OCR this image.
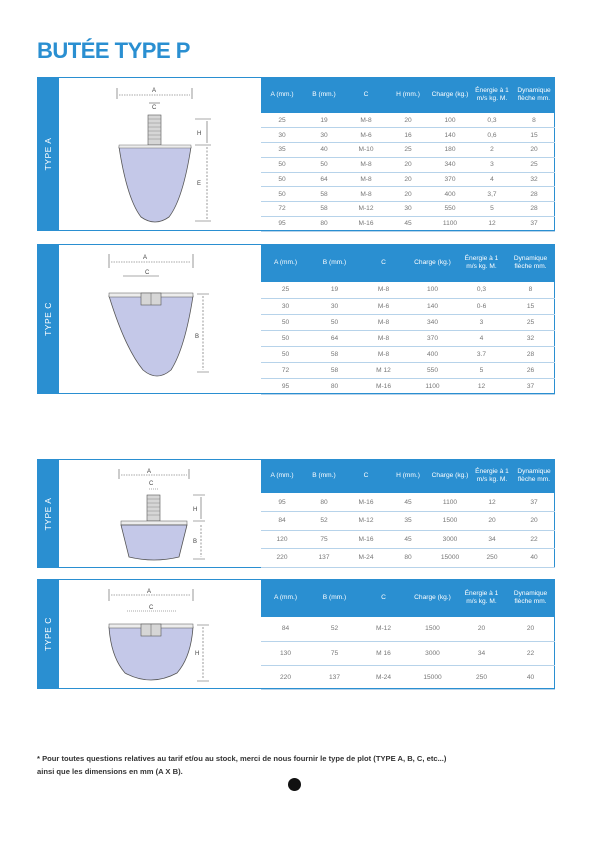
BUTÉE TYPE P
TYPE A
A
C
H
E
A (mm.)	B (mm.)	C	H (mm.)	Charge (kg.)	Énergie à 1 m/s kg. M.	Dynamique flèche mm.
25	19	M-8	20	100	0,3	8
30	30	M-6	16	140	0,6	15
35	40	M-10	25	180	2	20
50	50	M-8	20	340	3	25
50	64	M-8	20	370	4	32
50	58	M-8	20	400	3,7	28
72	58	M-12	30	550	5	28
95	80	M-16	45	1100	12	37
TYPE C
A
C
B
A (mm.)	B (mm.)	C	Charge (kg.)	Énergie à 1 m/s kg. M.	Dynamique flèche mm.
25	19	M-8	100	0,3	8
30	30	M-6	140	0-6	15
50	50	M-8	340	3	25
50	64	M-8	370	4	32
50	58	M-8	400	3.7	28
72	58	M 12	550	5	26
95	80	M-16	1100	12	37
TYPE A
A
C
H
B
A (mm.)	B (mm.)	C	H (mm.)	Charge (kg.)	Énergie à 1 m/s kg. M.	Dynamique flèche mm.
95	80	M-16	45	1100	12	37
84	52	M-12	35	1500	20	20
120	75	M-16	45	3000	34	22
220	137	M-24	80	15000	250	40
TYPE C
A
C
H
A (mm.)	B (mm.)	C	Charge (kg.)	Énergie à 1 m/s kg. M.	Dynamique flèche mm.
84	52	M-12	1500	20	20
130	75	M 16	3000	34	22
220	137	M-24	15000	250	40

* Pour toutes questions relatives au tarif et/ou au stock, merci de nous fournir le type de plot (TYPE A, B, C, etc...)
ainsi que les dimensions en mm (A X B).
